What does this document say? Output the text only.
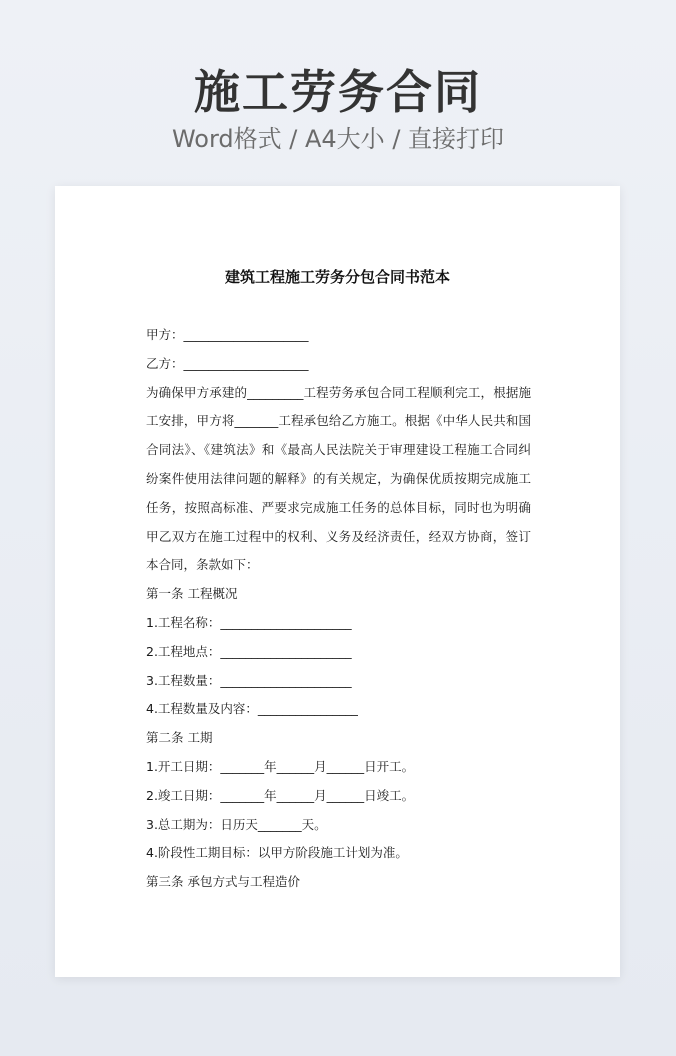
施工劳务合同
Word格式 / A4大小 / 直接打印
建筑工程施工劳务分包合同书范本
甲方：____________________
乙方：____________________
为确保甲方承建的_________工程劳务承包合同工程顺利完工，根据施工安排，甲方将_______工程承包给乙方施工。根据《中华人民共和国合同法》、《建筑法》和《最高人民法院关于审理建设工程施工合同纠纷案件使用法律问题的解释》的有关规定，为确保优质按期完成施工任务，按照高标准、严要求完成施工任务的总体目标，同时也为明确甲乙双方在施工过程中的权利、义务及经济责任，经双方协商，签订本合同，条款如下：
第一条 工程概况
1.工程名称：_____________________
2.工程地点：_____________________
3.工程数量：_____________________
4.工程数量及内容：________________
第二条 工期
1.开工日期：_______年______月______日开工。
2.竣工日期：_______年______月______日竣工。
3.总工期为：日历天_______天。
4.阶段性工期目标：以甲方阶段施工计划为准。
第三条 承包方式与工程造价
